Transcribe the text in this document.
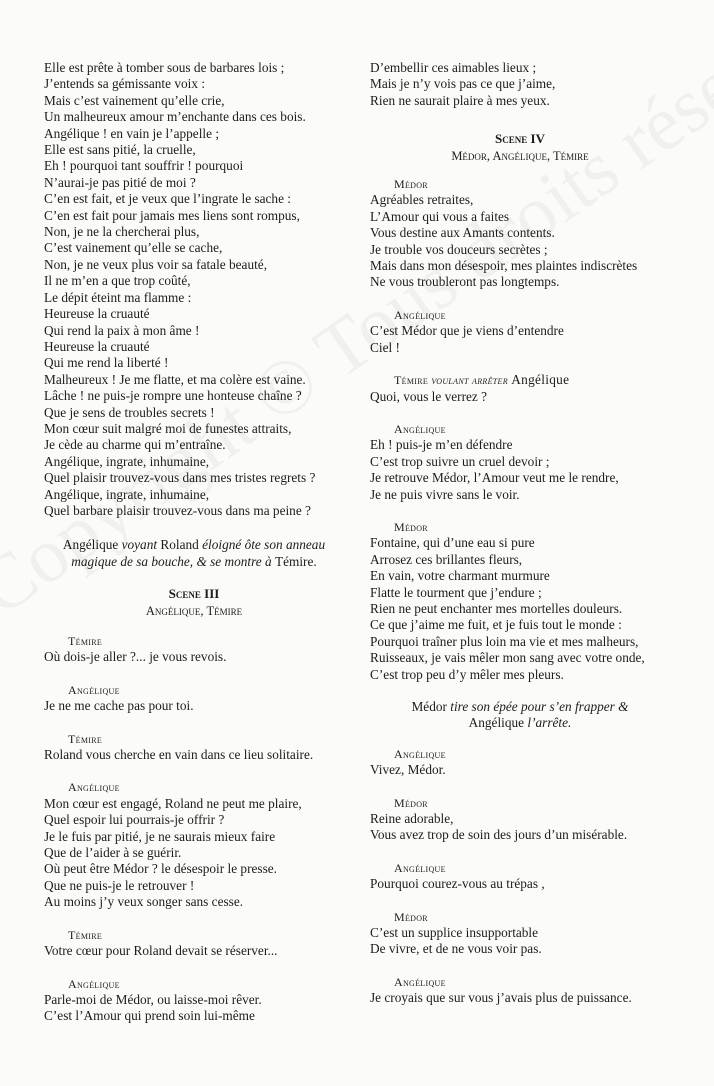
Elle est prête à tomber sous de barbares lois ;
J’entends sa gémissante voix :
Mais c’est vainement qu’elle crie,
Un malheureux amour m’enchante dans ces bois.
Angélique ! en vain je l’appelle ;
Elle est sans pitié, la cruelle,
Eh ! pourquoi tant souffrir ! pourquoi
N’aurai-je pas pitié de moi ?
C’en est fait, et je veux que l’ingrate le sache :
C’en est fait pour jamais mes liens sont rompus,
Non, je ne la chercherai plus,
C’est vainement qu’elle se cache,
Non, je ne veux plus voir sa fatale beauté,
Il ne m’en a que trop coûté,
Le dépit éteint ma flamme :
Heureuse la cruauté
Qui rend la paix à mon âme !
Heureuse la cruauté
Qui me rend la liberté !
Malheureux ! Je me flatte, et ma colère est vaine.
Lâche ! ne puis-je rompre une honteuse chaîne ?
Que je sens de troubles secrets !
Mon cœur suit malgré moi de funestes attraits,
Je cède au charme qui m’entraîne.
Angélique, ingrate, inhumaine,
Quel plaisir trouvez-vous dans mes tristes regrets ?
Angélique, ingrate, inhumaine,
Quel barbare plaisir trouvez-vous dans ma peine ?
Angélique voyant Roland éloigné ôte son anneau
magique de sa bouche, & se montre à Témire.
Scene III
Angélique, Témire
Témire
Où dois-je aller ?... je vous revois.
Angélique
Je ne me cache pas pour toi.
Témire
Roland vous cherche en vain dans ce lieu solitaire.
Angélique
Mon cœur est engagé, Roland ne peut me plaire,
Quel espoir lui pourrais-je offrir ?
Je le fuis par pitié, je ne saurais mieux faire
Que de l’aider à se guérir.
Où peut être Médor ? le désespoir le presse.
Que ne puis-je le retrouver !
Au moins j’y veux songer sans cesse.
Témire
Votre cœur pour Roland devait se réserver...
Angélique
Parle-moi de Médor, ou laisse-moi rêver.
C’est l’Amour qui prend soin lui-même
D’embellir ces aimables lieux ;
Mais je n’y vois pas ce que j’aime,
Rien ne saurait plaire à mes yeux.
Scene IV
Médor, Angélique, Témire
Médor
Agréables retraites,
L’Amour qui vous a faites
Vous destine aux Amants contents.
Je trouble vos douceurs secrètes ;
Mais dans mon désespoir, mes plaintes indiscrètes
Ne vous troubleront pas longtemps.
Angélique
C’est Médor que je viens d’entendre
Ciel !
Témire voulant arrêter Angélique
Quoi, vous le verrez ?
Angélique
Eh ! puis-je m’en défendre
C’est trop suivre un cruel devoir ;
Je retrouve Médor, l’Amour veut me le rendre,
Je ne puis vivre sans le voir.
Médor
Fontaine, qui d’une eau si pure
Arrosez ces brillantes fleurs,
En vain, votre charmant murmure
Flatte le tourment que j’endure ;
Rien ne peut enchanter mes mortelles douleurs.
Ce que j’aime me fuit, et je fuis tout le monde :
Pourquoi traîner plus loin ma vie et mes malheurs,
Ruisseaux, je vais mêler mon sang avec votre onde,
C’est trop peu d’y mêler mes pleurs.
Médor tire son épée pour s’en frapper &
Angélique l’arrête.
Angélique
Vivez, Médor.
Médor
Reine adorable,
Vous avez trop de soin des jours d’un misérable.
Angélique
Pourquoi courez-vous au trépas ,
Médor
C’est un supplice insupportable
De vivre, et de ne vous voir pas.
Angélique
Je croyais que sur vous j’avais plus de puissance.
